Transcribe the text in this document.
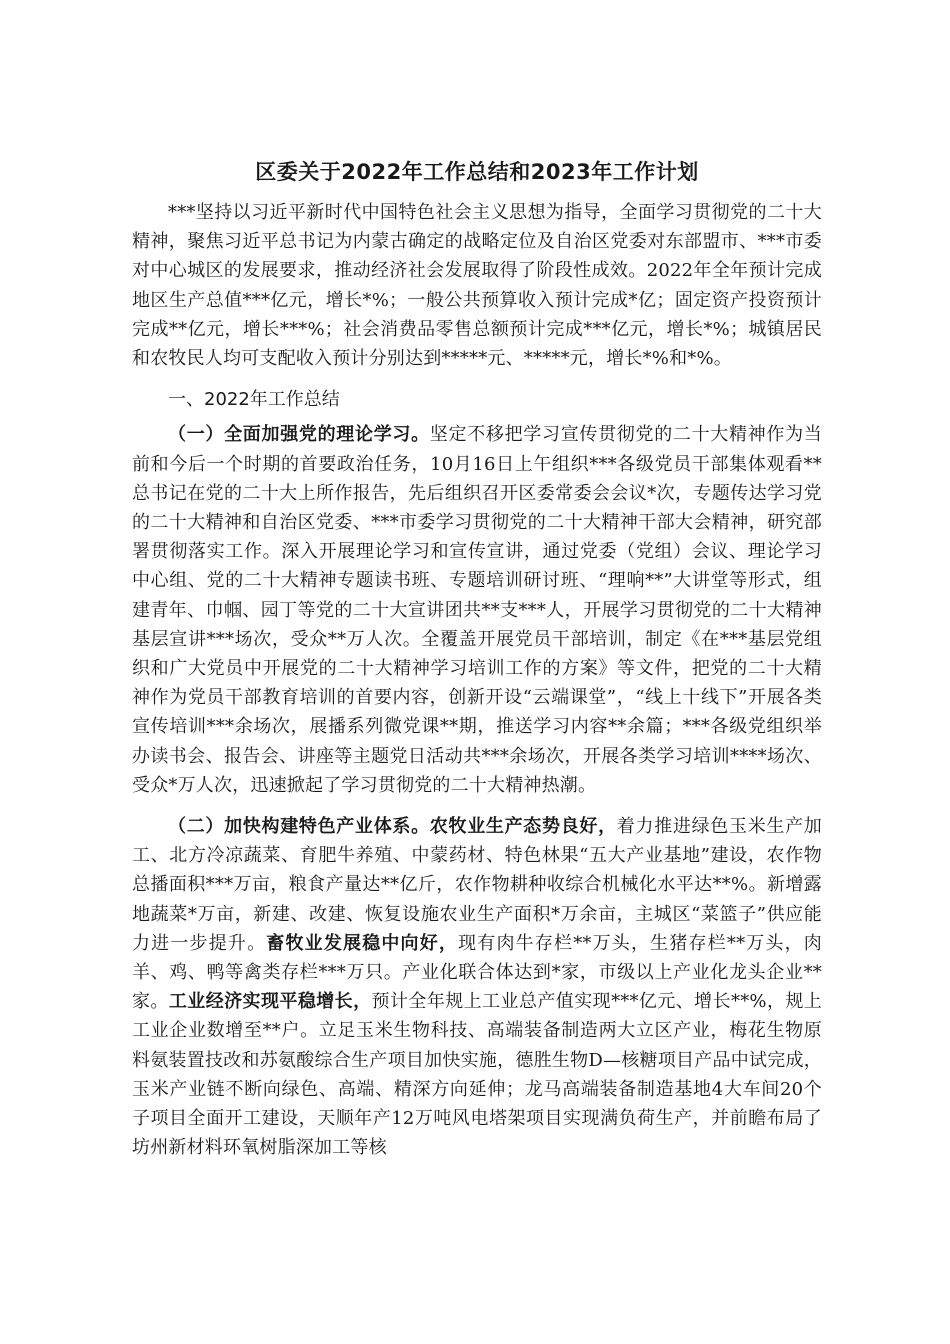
区委关于2022年工作总结和2023年工作计划

***坚持以习近平新时代中国特色社会主义思想为指导，全面学习贯彻党的二十大精神，聚焦习近平总书记为内蒙古确定的战略定位及自治区党委对东部盟市、***市委对中心城区的发展要求，推动经济社会发展取得了阶段性成效。2022年全年预计完成地区生产总值***亿元，增长*%；一般公共预算收入预计完成*亿；固定资产投资预计完成**亿元，增长***%；社会消费品零售总额预计完成***亿元，增长*%；城镇居民和农牧民人均可支配收入预计分别达到*****元、*****元，增长*%和*%。

一、2022年工作总结

（一）全面加强党的理论学习。坚定不移把学习宣传贯彻党的二十大精神作为当前和今后一个时期的首要政治任务，10月16日上午组织***各级党员干部集体观看**总书记在党的二十大上所作报告，先后组织召开区委常委会会议*次，专题传达学习党的二十大精神和自治区党委、***市委学习贯彻党的二十大精神干部大会精神，研究部署贯彻落实工作。深入开展理论学习和宣传宣讲，通过党委（党组）会议、理论学习中心组、党的二十大精神专题读书班、专题培训研讨班、“理响**”大讲堂等形式，组建青年、巾帼、园丁等党的二十大宣讲团共**支***人，开展学习贯彻党的二十大精神基层宣讲***场次，受众**万人次。全覆盖开展党员干部培训，制定《在***基层党组织和广大党员中开展党的二十大精神学习培训工作的方案》等文件，把党的二十大精神作为党员干部教育培训的首要内容，创新开设“云端课堂”，“线上十线下”开展各类宣传培训***余场次，展播系列微党课**期，推送学习内容**余篇；***各级党组织举办读书会、报告会、讲座等主题党日活动共***余场次，开展各类学习培训****场次、受众*万人次，迅速掀起了学习贯彻党的二十大精神热潮。

（二）加快构建特色产业体系。农牧业生产态势良好，着力推进绿色玉米生产加工、北方冷凉蔬菜、育肥牛养殖、中蒙药材、特色林果“五大产业基地”建设，农作物总播面积***万亩，粮食产量达**亿斤，农作物耕种收综合机械化水平达**%。新增露地蔬菜*万亩，新建、改建、恢复设施农业生产面积*万余亩，主城区“菜篮子”供应能力进一步提升。畜牧业发展稳中向好，现有肉牛存栏**万头，生猪存栏**万头，肉羊、鸡、鸭等禽类存栏***万只。产业化联合体达到*家，市级以上产业化龙头企业**家。工业经济实现平稳增长，预计全年规上工业总产值实现***亿元、增长**%，规上工业企业数增至**户。立足玉米生物科技、高端装备制造两大立区产业，梅花生物原料氨装置技改和苏氨酸综合生产项目加快实施，德胜生物D—核糖项目产品中试完成，玉米产业链不断向绿色、高端、精深方向延伸；龙马高端装备制造基地4大车间20个子项目全面开工建设，天顺年产12万吨风电塔架项目实现满负荷生产，并前瞻布局了坊州新材料环氧树脂深加工等核
